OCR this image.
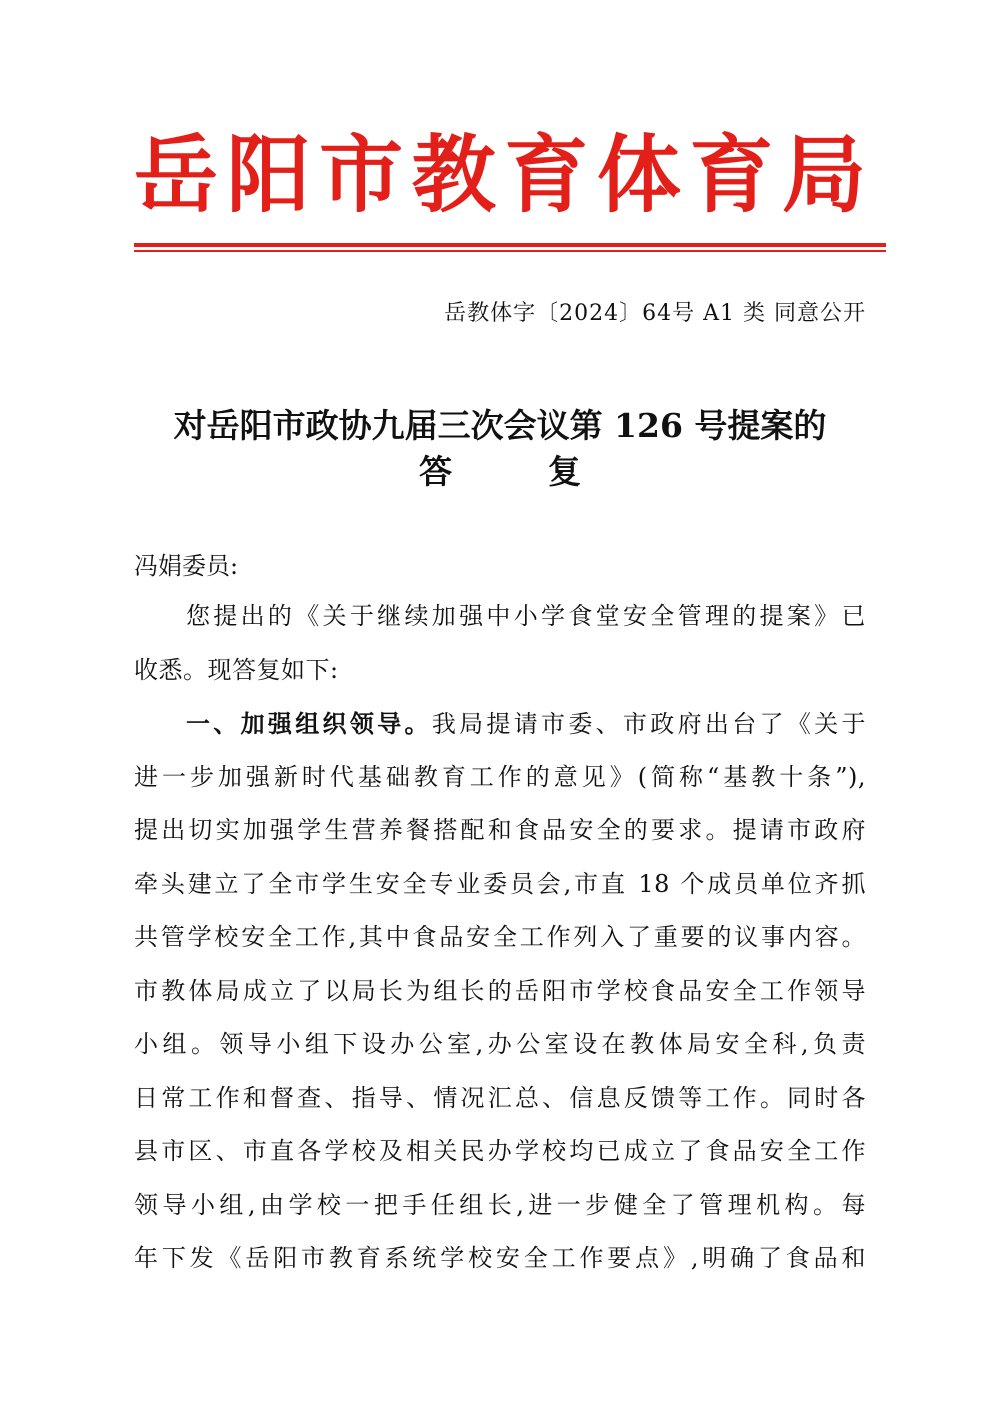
岳 阳 市 教 育 体 育 局
岳教体字〔2024〕64号 A1 类 同意公开
对岳阳市政协九届三次会议第 126 号提案的
答	复
冯娟委员:
您提出的《关于继续加强中小学食堂安全管理的提案》已
收悉。现答复如下:
一、加强组织领导。我局提请市委、市政府出台了《关于
进一步加强新时代基础教育工作的意见》(简称“基教十条”),
提出切实加强学生营养餐搭配和食品安全的要求。提请市政府
牵头建立了全市学生安全专业委员会,市直 18 个成员单位齐抓
共管学校安全工作,其中食品安全工作列入了重要的议事内容。
市教体局成立了以局长为组长的岳阳市学校食品安全工作领导
小组。领导小组下设办公室,办公室设在教体局安全科,负责
日常工作和督查、指导、情况汇总、信息反馈等工作。同时各
县市区、市直各学校及相关民办学校均已成立了食品安全工作
领导小组,由学校一把手任组长,进一步健全了管理机构。每
年下发《岳阳市教育系统学校安全工作要点》,明确了食品和
